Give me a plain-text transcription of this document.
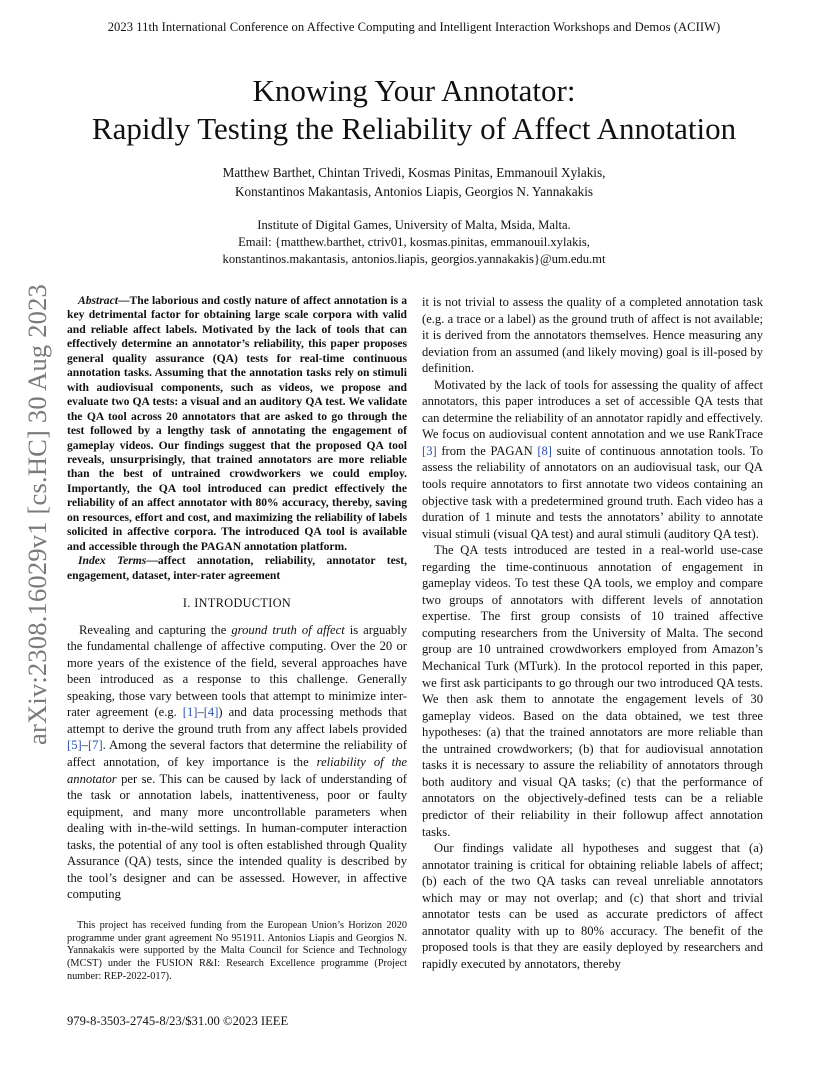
2023 11th International Conference on Affective Computing and Intelligent Interaction Workshops and Demos (ACIIW)
Knowing Your Annotator:
Rapidly Testing the Reliability of Affect Annotation
Matthew Barthet, Chintan Trivedi, Kosmas Pinitas, Emmanouil Xylakis,
Konstantinos Makantasis, Antonios Liapis, Georgios N. Yannakakis
Institute of Digital Games, University of Malta, Msida, Malta.
Email: {matthew.barthet, ctriv01, kosmas.pinitas, emmanouil.xylakis,
konstantinos.makantasis, antonios.liapis, georgios.yannakakis}@um.edu.mt
arXiv:2308.16029v1 [cs.HC] 30 Aug 2023	Abstract—The laborious and costly nature of affect annotation is a key detrimental factor for obtaining large scale corpora with valid and reliable affect labels. Motivated by the lack of tools that can effectively determine an annotator’s reliability, this paper proposes general quality assurance (QA) tests for real-time continuous annotation tasks. Assuming that the annotation tasks rely on stimuli with audiovisual components, such as videos, we propose and evaluate two QA tests: a visual and an auditory QA test. We validate the QA tool across 20 annotators that are asked to go through the test followed by a lengthy task of annotating the engagement of gameplay videos. Our findings suggest that the proposed QA tool reveals, unsurprisingly, that trained annotators are more reliable than the best of untrained crowdworkers we could employ. Importantly, the QA tool introduced can predict effectively the reliability of an affect annotator with 80% accuracy, thereby, saving on resources, effort and cost, and maximizing the reliability of labels solicited in affective corpora. The introduced QA tool is available and accessible through the PAGAN annotation platform.

Index Terms—affect annotation, reliability, annotator test, engagement, dataset, inter-rater agreement

I. INTRODUCTION

Revealing and capturing the ground truth of affect is arguably the fundamental challenge of affective computing. Over the 20 or more years of the existence of the field, several approaches have been introduced as a response to this challenge. Generally speaking, those vary between tools that attempt to minimize inter-rater agreement (e.g. [1]–[4]) and data processing methods that attempt to derive the ground truth from any affect labels provided [5]–[7]. Among the several factors that determine the reliability of affect annotation, of key importance is the reliability of the annotator per se. This can be caused by lack of understanding of the task or annotation labels, inattentiveness, poor or faulty equipment, and many more uncontrollable parameters when dealing with in-the-wild settings. In human-computer interaction tasks, the potential of any tool is often established through Quality Assurance (QA) tests, since the intended quality is described by the tool’s designer and can be assessed. However, in affective computing

it is not trivial to assess the quality of a completed annotation task (e.g. a trace or a label) as the ground truth of affect is not available; it is derived from the annotators themselves. Hence measuring any deviation from an assumed (and likely moving) goal is ill-posed by definition.

Motivated by the lack of tools for assessing the quality of affect annotators, this paper introduces a set of accessible QA tests that can determine the reliability of an annotator rapidly and effectively. We focus on audiovisual content annotation and we use RankTrace [3] from the PAGAN [8] suite of continuous annotation tools. To assess the reliability of annotators on an audiovisual task, our QA tools require annotators to first annotate two videos containing an objective task with a predetermined ground truth. Each video has a duration of 1 minute and tests the annotators’ ability to annotate visual stimuli (visual QA test) and aural stimuli (auditory QA test).

The QA tests introduced are tested in a real-world use-case regarding the time-continuous annotation of engagement in gameplay videos. To test these QA tools, we employ and compare two groups of annotators with different levels of annotation expertise. The first group consists of 10 trained affective computing researchers from the University of Malta. The second group are 10 untrained crowdworkers employed from Amazon’s Mechanical Turk (MTurk). In the protocol reported in this paper, we first ask participants to go through our two introduced QA tests. We then ask them to annotate the engagement levels of 30 gameplay videos. Based on the data obtained, we test three hypotheses: (a) that the trained annotators are more reliable than the untrained crowdworkers; (b) that for audiovisual annotation tasks it is necessary to assure the reliability of annotators through both auditory and visual QA tasks; (c) that the performance of annotators on the objectively-defined tests can be a reliable predictor of their reliability in their followup affect annotation tasks.

Our findings validate all hypotheses and suggest that (a) annotator training is critical for obtaining reliable labels of affect; (b) each of the two QA tasks can reveal unreliable annotators which may or may not overlap; and (c) that short and trivial annotator tests can be used as accurate predictors of affect annotator quality with up to 80% accuracy. The benefit of the proposed tools is that they are easily deployed by researchers and rapidly executed by annotators, thereby

This project has received funding from the European Union’s Horizon 2020 programme under grant agreement No 951911. Antonios Liapis and Georgios N. Yannakakis were supported by the Malta Council for Science and Technology (MCST) under the FUSION R&I: Research Excellence programme (Project number: REP-2022-017).

979-8-3503-2745-8/23/$31.00 ©2023 IEEE
